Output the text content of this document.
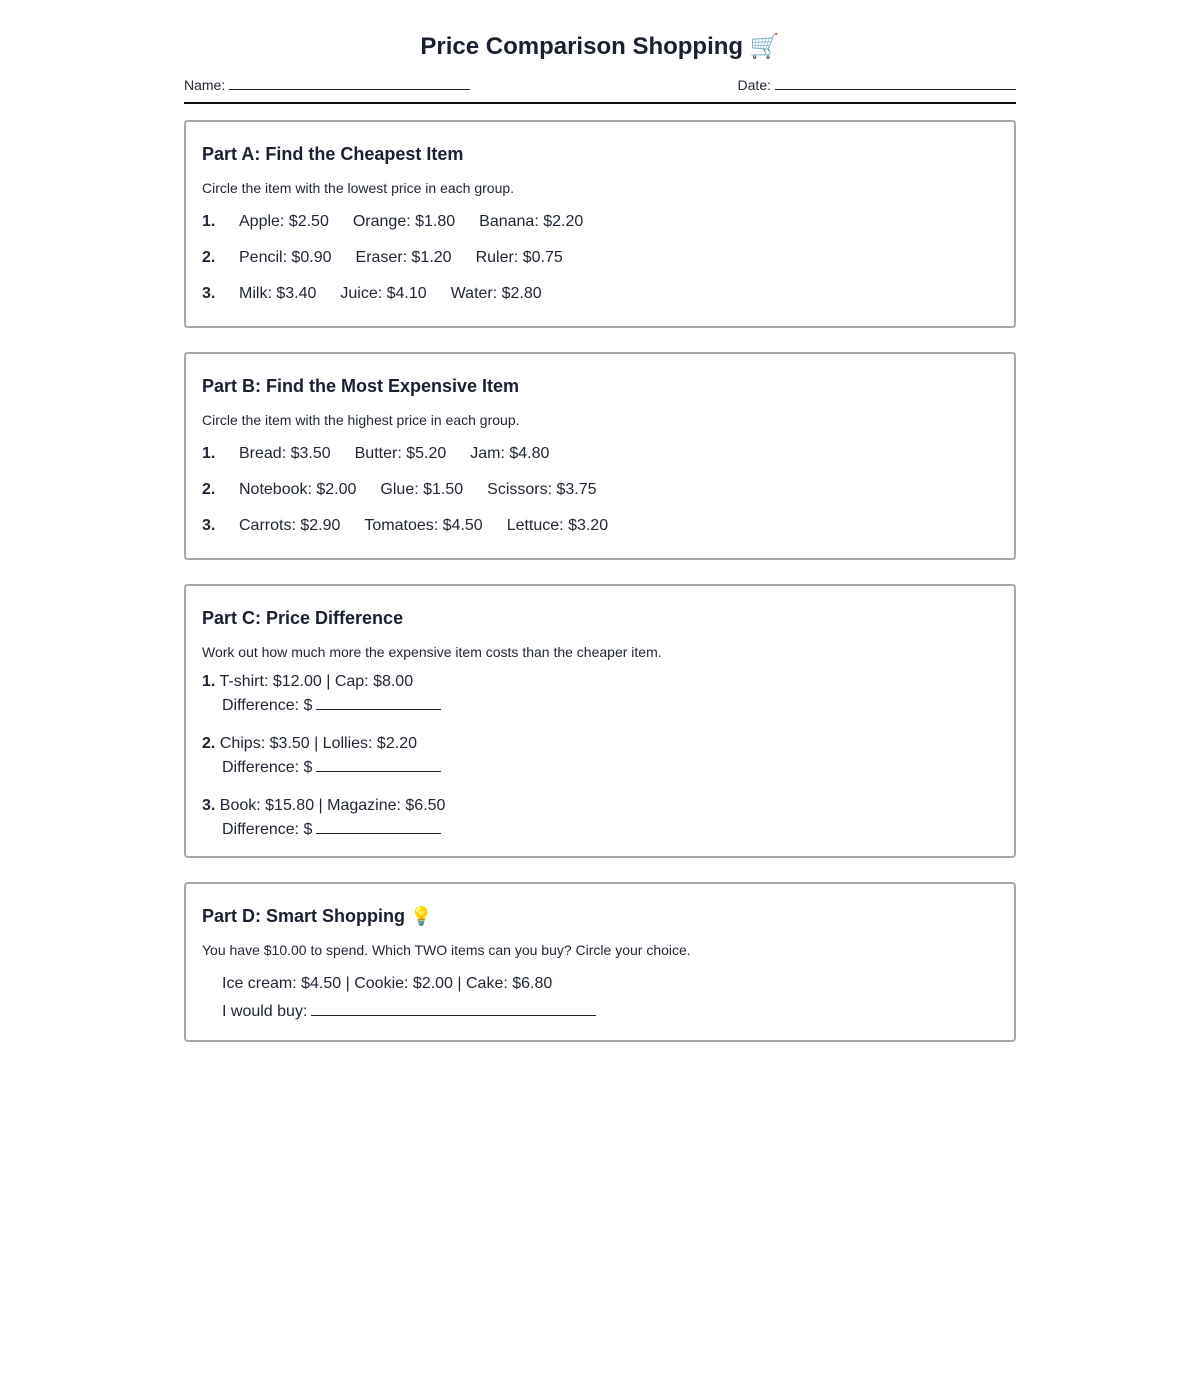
Price Comparison Shopping 🛒
Name:	Date:
Part A: Find the Cheapest Item
Circle the item with the lowest price in each group.
1.	Apple: $2.50 Orange: $1.80 Banana: $2.20
2.	Pencil: $0.90 Eraser: $1.20 Ruler: $0.75
3.	Milk: $3.40 Juice: $4.10 Water: $2.80
Part B: Find the Most Expensive Item
Circle the item with the highest price in each group.
1.	Bread: $3.50 Butter: $5.20 Jam: $4.80
2.	Notebook: $2.00 Glue: $1.50 Scissors: $3.75
3.	Carrots: $2.90 Tomatoes: $4.50 Lettuce: $3.20
Part C: Price Difference
Work out how much more the expensive item costs than the cheaper item.
1. T-shirt: $12.00 | Cap: $8.00
Difference: $
2. Chips: $3.50 | Lollies: $2.20
Difference: $
3. Book: $15.80 | Magazine: $6.50
Difference: $
Part D: Smart Shopping 💡
You have $10.00 to spend. Which TWO items can you buy? Circle your choice.
Ice cream: $4.50 | Cookie: $2.00 | Cake: $6.80
I would buy:
